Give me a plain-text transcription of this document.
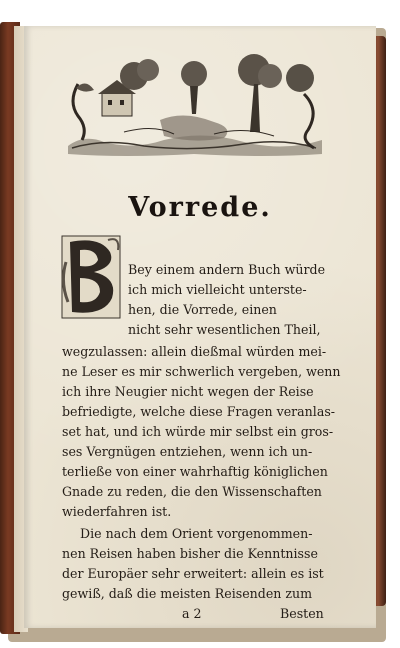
Vorrede.
Bey einem andern Buch würde
ich mich vielleicht unterste-
hen, die Vorrede, einen
nicht sehr wesentlichen Theil,
wegzulassen: allein dießmal würden mei-
ne Leser es mir schwerlich vergeben, wenn
ich ihre Neugier nicht wegen der Reise
befriedigte, welche diese Fragen veranlas-
set hat, und ich würde mir selbst ein gros-
ses Vergnügen entziehen, wenn ich un-
terließe von einer wahrhaftig königlichen
Gnade zu reden, die den Wissenschaften
wiederfahren ist.
Die nach dem Orient vorgenommen-
nen Reisen haben bisher die Kenntnisse
der Europäer sehr erweitert: allein es ist
gewiß, daß die meisten Reisenden zum
a 2	Besten
